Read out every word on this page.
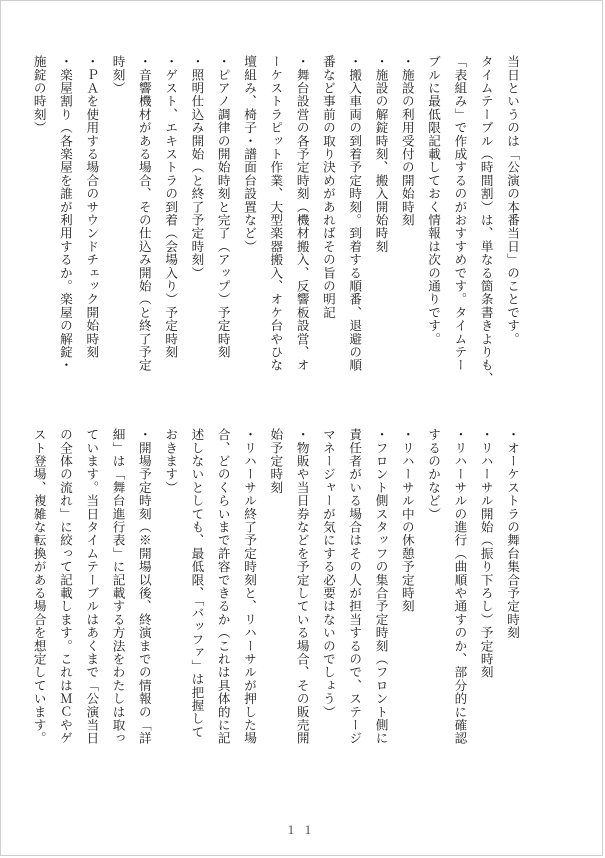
当日というのは「公演の本番当日」のことです。
タイムテーブル（時間割）は、単なる箇条書きよりも、
「表組み」で作成するのがおすすめです。タイムテー
ブルに最低限記載しておく情報は次の通りです。
・施設の利用受付の開始時刻
・施設の解錠時刻、搬入開始時刻
・搬入車両の到着予定時刻。到着する順番、退避の順
番など事前の取り決めがあればその旨の明記
・舞台設営の各予定時刻（機材搬入、反響板設営、オ
ーケストラピット作業、大型楽器搬入、オケ台やひな
壇組み、椅子・譜面台設置など）
・ピアノ調律の開始時刻と完了（アップ）予定時刻
・照明仕込み開始（と終了予定時刻）
・ゲスト、エキストラの到着（会場入り）予定時刻
・音響機材がある場合、その仕込み開始（と終了予定
時刻）
・ＰＡを使用する場合のサウンドチェック開始時刻
・楽屋割り（各楽屋を誰が利用するか。楽屋の解錠・
施錠の時刻）
・オーケストラの舞台集合予定時刻
・リハーサル開始（振り下ろし）予定時刻
・リハーサルの進行（曲順や通すのか、部分的に確認
するのかなど）
・リハーサル中の休憩予定時刻
・フロント側スタッフの集合予定時刻（フロント側に
責任者がいる場合はその人が担当するので、ステージ
マネージャーが気にする必要はないのでしょう）
・物販や当日券などを予定している場合、その販売開
始予定時刻
・リハーサル終了予定時刻と、リハーサルが押した場
合、どのくらいまで許容できるか（これは具体的に記
述しないとしても、最低限、「バッファ」は把握して
おきます）
・開場予定時刻（※開場以後、終演までの情報の「詳
細」は「舞台進行表」に記載する方法をわたしは取っ
ています。当日タイムテーブルはあくまで「公演当日
の全体の流れ」に絞って記載します。これはＭＣやゲ
スト登場、複雑な転換がある場合を想定しています。
１１
